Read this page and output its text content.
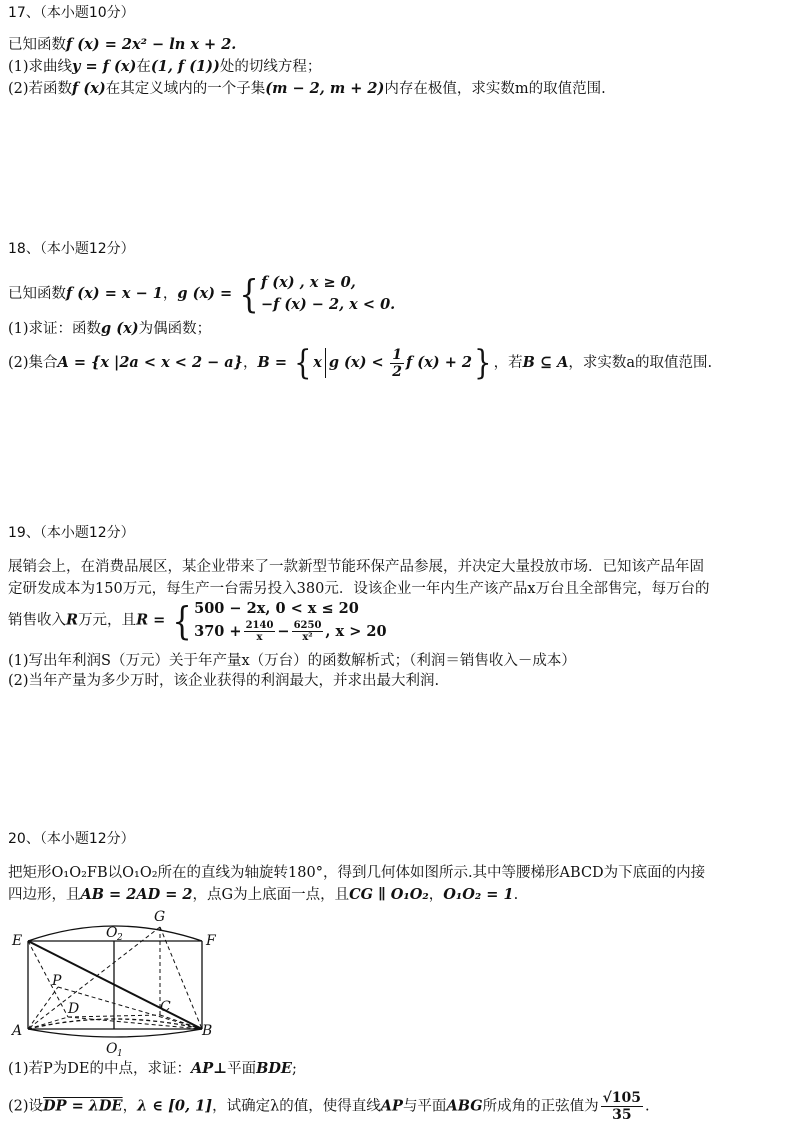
17、（本小题10分）
已知函数f (x) = 2x² − ln x + 2.
(1)求曲线y = f (x)在(1, f (1))处的切线方程；
(2)若函数f (x)在其定义域内的一个子集(m − 2, m + 2)内存在极值，求实数m的取值范围.
18、（本小题12分）
已知函数f (x) = x − 1，g (x) = { f (x) , x ≥ 0,
−f (x) − 2, x < 0.
(1)求证：函数g (x)为偶函数；
(2)集合A = {x |2a < x < 2 − a}，B = { x g $(x) < \frac{1}{2}$ f (x) + 2} ，若B ⊆ A，求实数a的取值范围.
19、（本小题12分）
展销会上，在消费品展区，某企业带来了一款新型节能环保产品参展，并决定大量投放市场．已知该产品年固
定研发成本为150万元，每生产一台需另投入380元．设该企业一年内生产该产品x万台且全部售完，每万台的
销售收入R万元，且R = { 500 − 2x, 0 < x ≤ 20
$370 + \frac{2140}{x} - \frac{6250}{\text{x²}}$ , x > 20
(1)写出年利润S（万元）关于年产量x（万台）的函数解析式；（利润＝销售收入－成本）
(2)当年产量为多少万时，该企业获得的利润最大，并求出最大利润.
20、（本小题12分）
把矩形O₁O₂FB以O₁O₂所在的直线为轴旋转180°，得到几何体如图所示.其中等腰梯形ABCD为下底面的内接
四边形，且AB = 2AD = 2，点G为上底面一点，且CG ∥ O₁O₂，O₁O₂ = 1.
E	F
G
O 2
P
D	C
A	B
O 1
(1)若P为DE的中点，求证：AP⊥平面BDE;
(2)设DP = λDE，λ ∈ [0, 1]，试确定λ的值，使得直线AP与平面ABG所成角的正弦值为 $\frac{√105}{35}$ .
